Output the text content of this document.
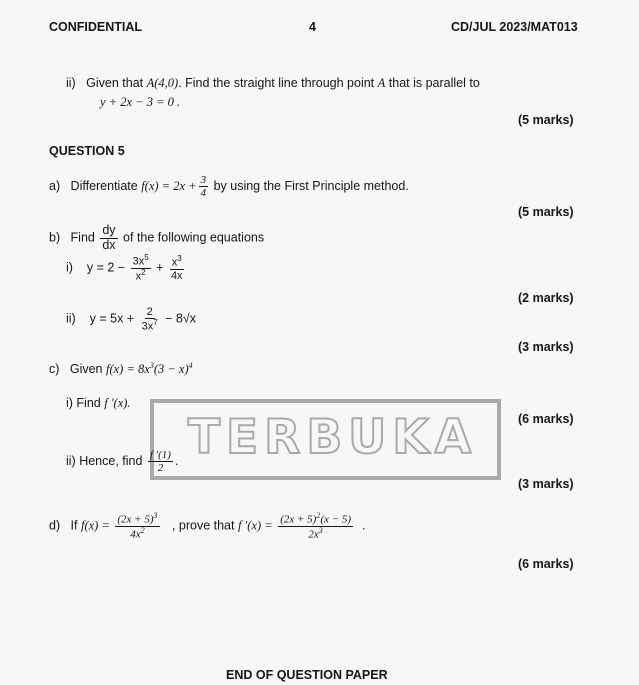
CONFIDENTIAL	4	CD/JUL 2023/MAT013
ii) Given that A(4,0). Find the straight line through point A that is parallel to
y + 2x − 3 = 0 .
(5 marks)
QUESTION 5
a) Differentiate $f(x) = 2x + \frac{3}{4}$ by using the First Principle method.
(5 marks)
b) Find $\frac{dy}{dx}$ of the following equations
i) $y = 2 - \frac{3x^5}{x^2} + \frac{x^3}{4x}$
(2 marks)
ii) $y = 5x + \frac{2}{3x^7} - 8√x$
(3 marks)
c) Given $f(x) = 8x^3(3 - x)^4$
TERBUKA
i) Find f ′(x).
(6 marks)
ii) Hence, find $\frac{f '(1)}{2}$ .
(3 marks)
d) If $f(x) = \frac{(2x + 5)^3}{4x^2}$ , prove that f $'(x) = \frac{(2x + 5)^2(x - 5)}{2x^3}$ .
(6 marks)
END OF QUESTION PAPER
